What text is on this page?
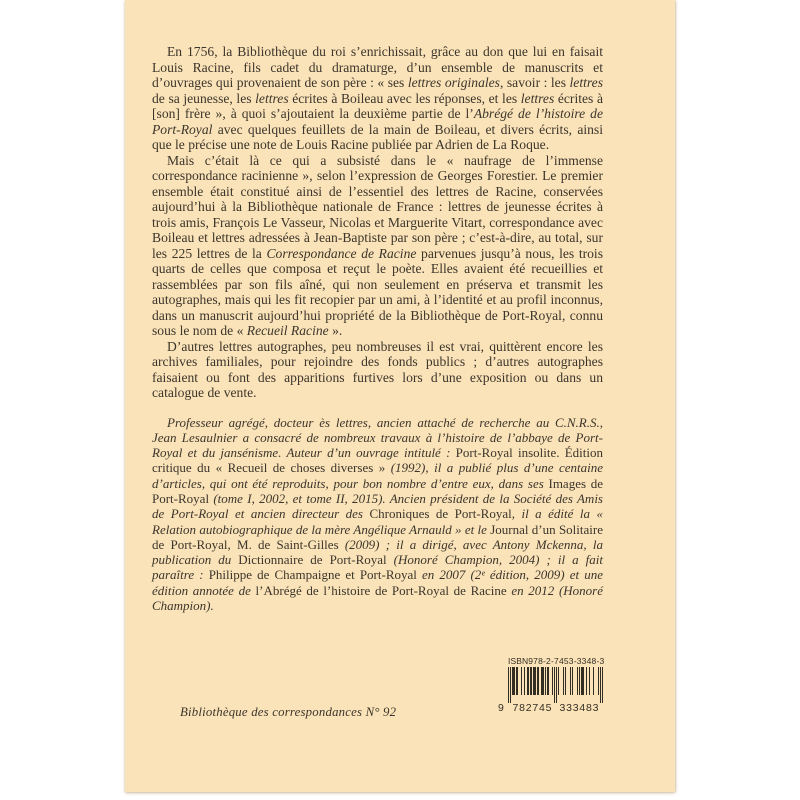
En 1756, la Bibliothèque du roi s’enrichissait, grâce au don que lui en faisait Louis Racine, fils cadet du dramaturge, d’un ensemble de manuscrits et d’ouvrages qui provenaient de son père : « ses lettres originales, savoir : les lettres de sa jeunesse, les lettres écrites à Boileau avec les réponses, et les lettres écrites à [son] frère », à quoi s’ajoutaient la deuxième partie de l’Abrégé de l’histoire de Port-Royal avec quelques feuillets de la main de Boileau, et divers écrits, ainsi que le précise une note de Louis Racine publiée par Adrien de La Roque.

Mais c’était là ce qui a subsisté dans le « naufrage de l’immense correspondance racinienne », selon l’expression de Georges Forestier. Le premier ensemble était constitué ainsi de l’essentiel des lettres de Racine, conservées aujourd’hui à la Bibliothèque nationale de France : lettres de jeunesse écrites à trois amis, François Le Vasseur, Nicolas et Marguerite Vitart, correspondance avec Boileau et lettres adressées à Jean-Baptiste par son père ; c’est-à-dire, au total, sur les 225 lettres de la Correspondance de Racine parvenues jusqu’à nous, les trois quarts de celles que composa et reçut le poète. Elles avaient été recueillies et rassemblées par son fils aîné, qui non seulement en préserva et transmit les autographes, mais qui les fit recopier par un ami, à l’identité et au profil inconnus, dans un manuscrit aujourd’hui propriété de la Bibliothèque de Port-Royal, connu sous le nom de « Recueil Racine ».

D’autres lettres autographes, peu nombreuses il est vrai, quittèrent encore les archives familiales, pour rejoindre des fonds publics ; d’autres autographes faisaient ou font des apparitions furtives lors d’une exposition ou dans un catalogue de vente.

Professeur agrégé, docteur ès lettres, ancien attaché de recherche au C.N.R.S., Jean Lesaulnier a consacré de nombreux travaux à l’histoire de l’abbaye de Port-Royal et du jansénisme. Auteur d’un ouvrage intitulé : Port-Royal insolite. Édition critique du « Recueil de choses diverses » (1992), il a publié plus d’une centaine d’articles, qui ont été reproduits, pour bon nombre d’entre eux, dans ses Images de Port-Royal (tome I, 2002, et tome II, 2015). Ancien président de la Société des Amis de Port-Royal et ancien directeur des Chroniques de Port-Royal, il a édité la « Relation autobiographique de la mère Angélique Arnauld » et le Journal d’un Solitaire de Port-Royal, M. de Saint-Gilles (2009) ; il a dirigé, avec Antony Mckenna, la publication du Dictionnaire de Port-Royal (Honoré Champion, 2004) ; il a fait paraître : Philippe de Champaigne et Port-Royal en 2007 (2ᵉ édition, 2009) et une édition annotée de l’Abrégé de l’histoire de Port-Royal de Racine en 2012 (Honoré Champion).

ISBN 978-2-7453-3348-3
9 782745 333483
Bibliothèque des correspondances N° 92
